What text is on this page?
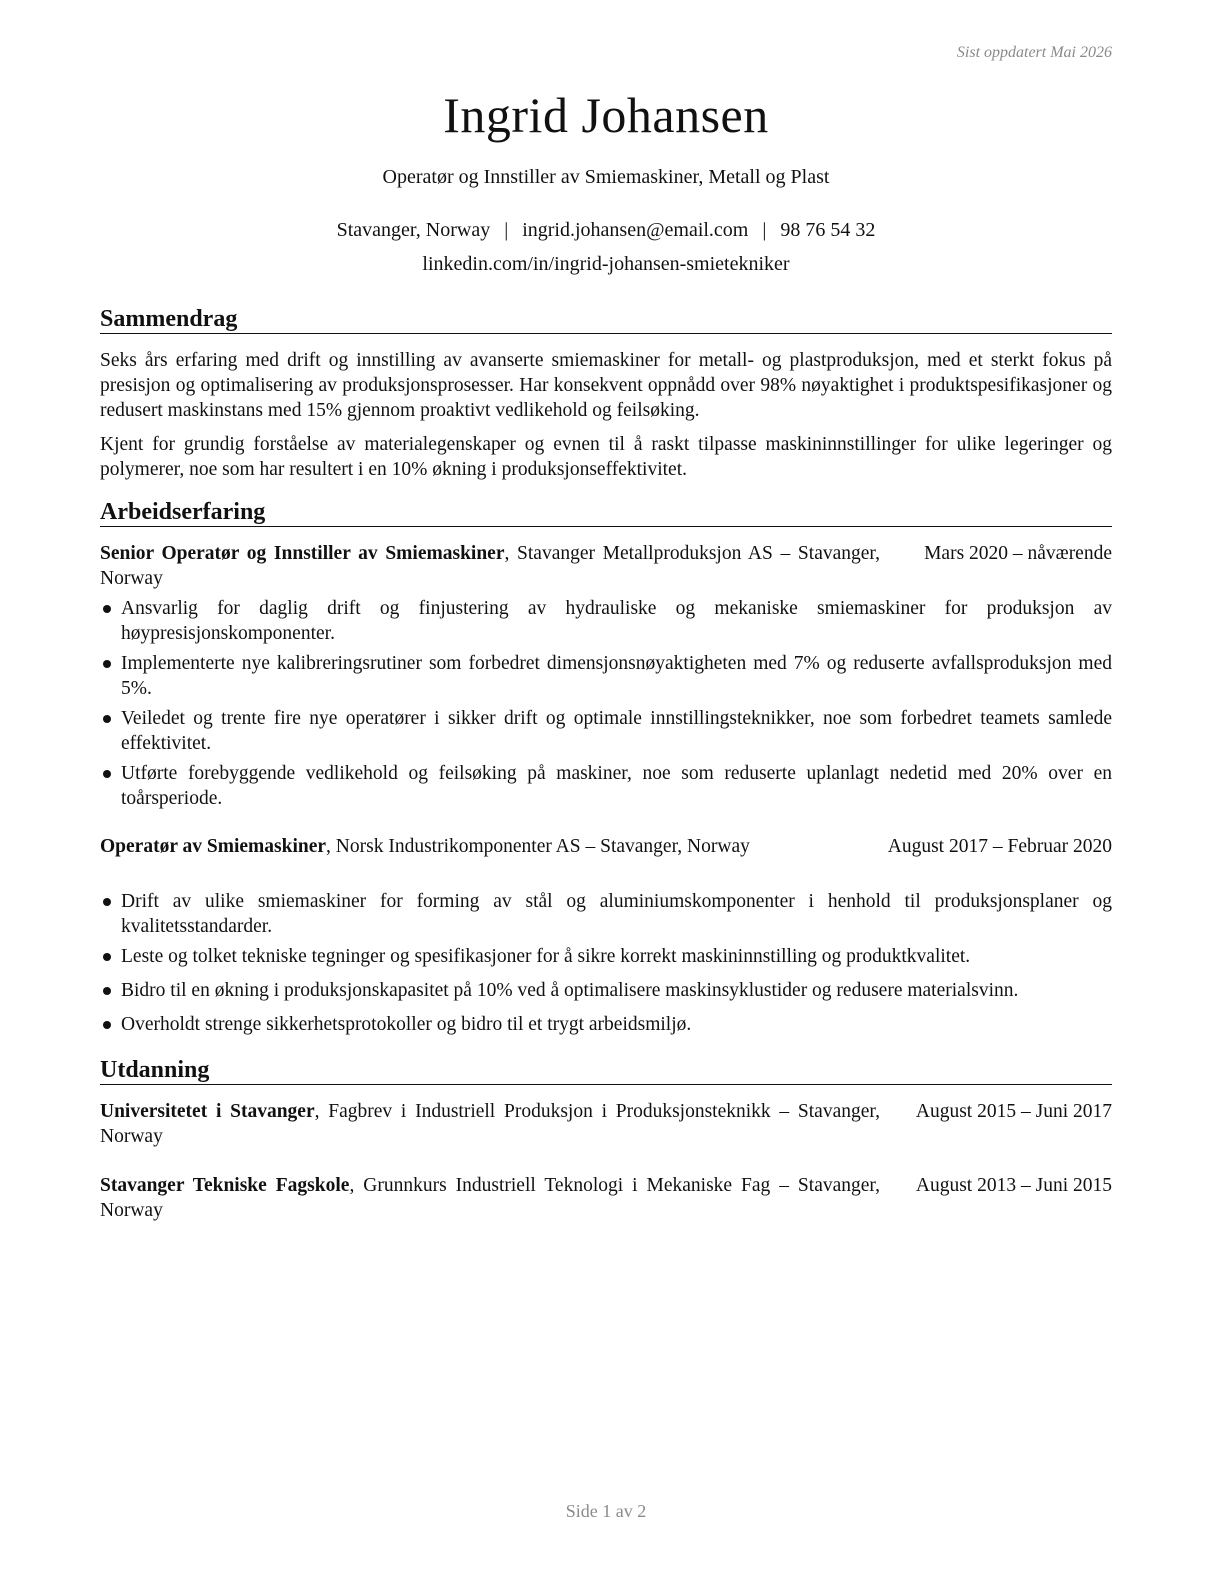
Sist oppdatert Mai 2026
Ingrid Johansen
Operatør og Innstiller av Smiemaskiner, Metall og Plast
Stavanger, Norway | ingrid.johansen@email.com | 98 76 54 32
linkedin.com/in/ingrid-johansen-smietekniker
Sammendrag
Seks års erfaring med drift og innstilling av avanserte smiemaskiner for metall- og plastproduksjon, med et sterkt fokus på presisjon og optimalisering av produksjonsprosesser. Har konsekvent oppnådd over 98% nøyaktighet i produktspesifikasjoner og redusert maskinstans med 15% gjennom proaktivt vedlikehold og feilsøking.
Kjent for grundig forståelse av materialegenskaper og evnen til å raskt tilpasse maskininnstillinger for ulike legeringer og polymerer, noe som har resultert i en 10% økning i produksjonseffektivitet.
Arbeidserfaring
Senior Operatør og Innstiller av Smiemaskiner, Stavanger Metallproduksjon AS – Stavanger, Norway
Mars 2020 – nåværende
Ansvarlig for daglig drift og finjustering av hydrauliske og mekaniske smiemaskiner for produksjon av høypresisjonskomponenter.
Implementerte nye kalibreringsrutiner som forbedret dimensjonsnøyaktigheten med 7% og reduserte avfallsproduksjon med 5%.
Veiledet og trente fire nye operatører i sikker drift og optimale innstillingsteknikker, noe som forbedret teamets samlede effektivitet.
Utførte forebyggende vedlikehold og feilsøking på maskiner, noe som reduserte uplanlagt nedetid med 20% over en toårsperiode.
Operatør av Smiemaskiner, Norsk Industrikomponenter AS – Stavanger, Norway	August 2017 – Februar 2020
Drift av ulike smiemaskiner for forming av stål og aluminiumskomponenter i henhold til produksjonsplaner og kvalitetsstandarder.
Leste og tolket tekniske tegninger og spesifikasjoner for å sikre korrekt maskininnstilling og produktkvalitet.
Bidro til en økning i produksjonskapasitet på 10% ved å optimalisere maskinsyklustider og redusere materialsvinn.
Overholdt strenge sikkerhetsprotokoller og bidro til et trygt arbeidsmiljø.
Utdanning
Universitetet i Stavanger, Fagbrev i Industriell Produksjon i Produksjonsteknikk – Stavanger, Norway
August 2015 – Juni 2017
Stavanger Tekniske Fagskole, Grunnkurs Industriell Teknologi i Mekaniske Fag – Stavanger, Norway
August 2013 – Juni 2015
Side 1 av 2
